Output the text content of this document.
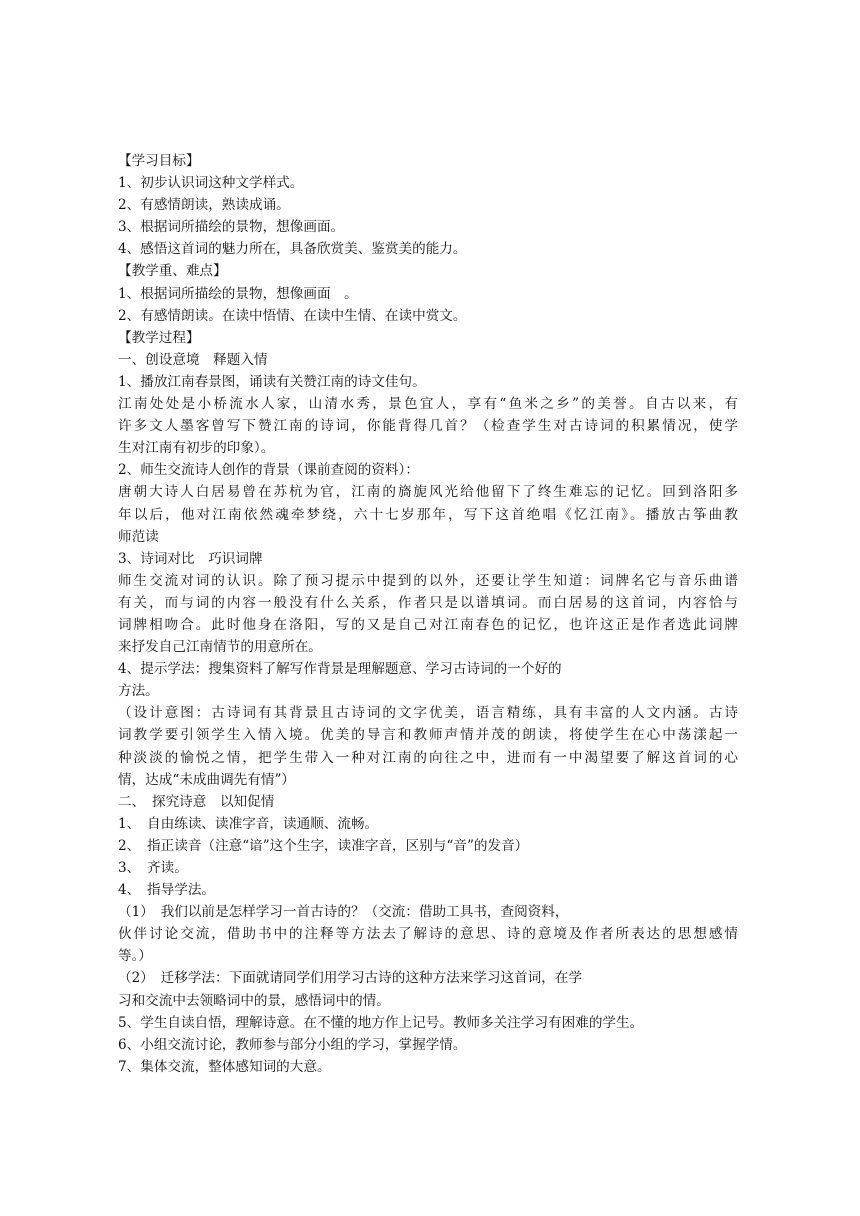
【学习目标】
1、初步认识词这种文学样式。
2、有感情朗读，熟读成诵。
3、根据词所描绘的景物，想像画面。
4、感悟这首词的魅力所在，具备欣赏美、鉴赏美的能力。
【教学重、难点】
1、根据词所描绘的景物，想像画面　。
2、有感情朗读。在读中悟情、在读中生情、在读中赏文。
【教学过程】
一、创设意境　释题入情
1、播放江南春景图，诵读有关赞江南的诗文佳句。
江南处处是小桥流水人家，山清水秀，景色宜人，享有“鱼米之乡”的美誉。自古以来，有
许多文人墨客曾写下赞江南的诗词，你能背得几首？（检查学生对古诗词的积累情况，使学
生对江南有初步的印象）。
2、师生交流诗人创作的背景（课前查阅的资料）：
唐朝大诗人白居易曾在苏杭为官，江南的旖旎风光给他留下了终生难忘的记忆。回到洛阳多
年以后，他对江南依然魂牵梦绕，六十七岁那年，写下这首绝唱《忆江南》。播放古筝曲教
师范读
3、诗词对比　巧识词牌
师生交流对词的认识。除了预习提示中提到的以外，还要让学生知道：词牌名它与音乐曲谱
有关，而与词的内容一般没有什么关系，作者只是以谱填词。而白居易的这首词，内容恰与
词牌相吻合。此时他身在洛阳，写的又是自己对江南春色的记忆，也许这正是作者选此词牌
来抒发自己江南情节的用意所在。
4、提示学法：搜集资料了解写作背景是理解题意、学习古诗词的一个好的
方法。
（设计意图：古诗词有其背景且古诗词的文字优美，语言精练，具有丰富的人文内涵。古诗
词教学要引领学生入情入境。优美的导言和教师声情并茂的朗读，将使学生在心中荡漾起一
种淡淡的愉悦之情，把学生带入一种对江南的向往之中，进而有一中渴望要了解这首词的心
情，达成“未成曲调先有情”）
二、　探究诗意　以知促情
1、　自由练读、读准字音，读通顺、流畅。
2、　指正读音（注意“谙”这个生字，读准字音，区别与“音”的发音）
3、　齐读。
4、　指导学法。
（1）　我们以前是怎样学习一首古诗的？（交流：借助工具书，查阅资料，
伙伴讨论交流，借助书中的注释等方法去了解诗的意思、诗的意境及作者所表达的思想感情
等。）
（2）　迁移学法：下面就请同学们用学习古诗的这种方法来学习这首词，在学
习和交流中去领略词中的景，感悟词中的情。
5、学生自读自悟，理解诗意。在不懂的地方作上记号。教师多关注学习有困难的学生。
6、小组交流讨论，教师参与部分小组的学习，掌握学情。
7、集体交流，整体感知词的大意。
